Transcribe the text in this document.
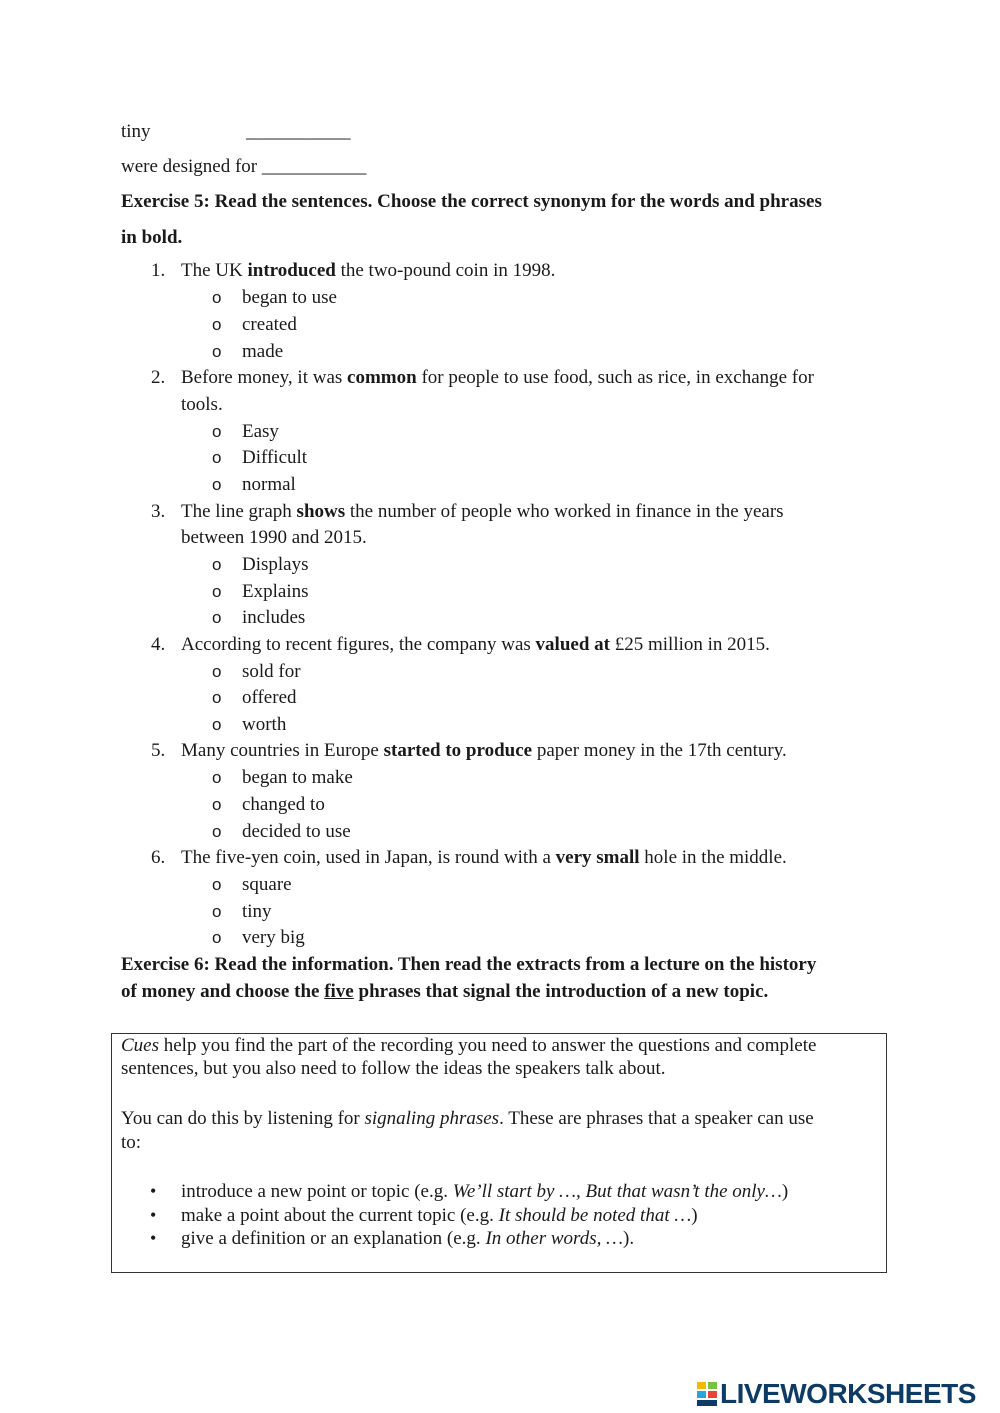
tiny	___________
were designed for ___________
Exercise 5: Read the sentences. Choose the correct synonym for the words and phrases
in bold.
1. The UK introduced the two-pound coin in 1998.
o began to use
o created
o made
2. Before money, it was common for people to use food, such as rice, in exchange for
tools.
o Easy
o Difficult
o normal
3. The line graph shows the number of people who worked in finance in the years
between 1990 and 2015.
o Displays
o Explains
o includes
4. According to recent figures, the company was valued at £25 million in 2015.
o sold for
o offered
o worth
5. Many countries in Europe started to produce paper money in the 17th century.
o began to make
o changed to
o decided to use
6. The five-yen coin, used in Japan, is round with a very small hole in the middle.
o square
o tiny
o very big
Exercise 6: Read the information. Then read the extracts from a lecture on the history
of money and choose the five phrases that signal the introduction of a new topic.
Cues help you find the part of the recording you need to answer the questions and complete
sentences, but you also need to follow the ideas the speakers talk about.
You can do this by listening for signaling phrases. These are phrases that a speaker can use
to:
• introduce a new point or topic (e.g. We’ll start by …, But that wasn’t the only…)
• make a point about the current topic (e.g. It should be noted that …)
• give a definition or an explanation (e.g. In other words, …).
LIVEWORKSHEETS
